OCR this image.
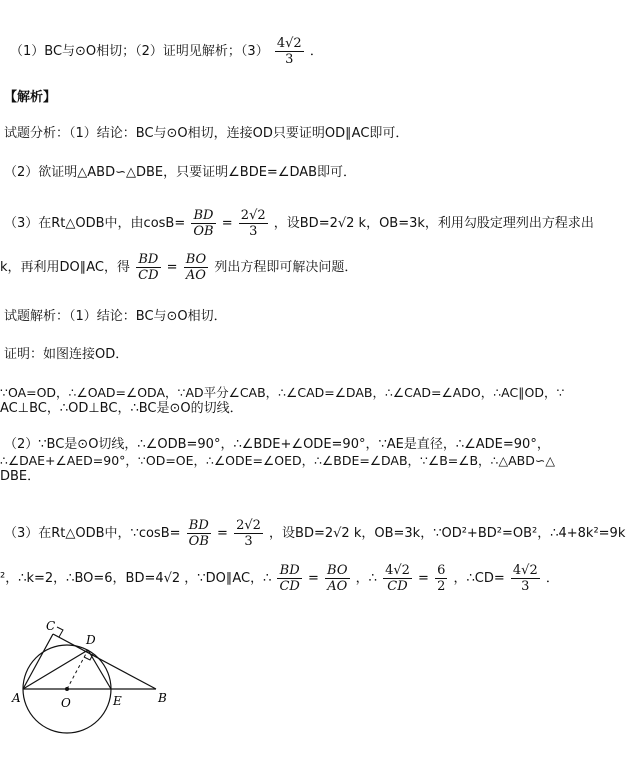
（1）BC与⊙O相切；（2）证明见解析；$(3) \frac{4√2}{3}$ ．
【解析】
试题分析：（1）结论：BC与⊙O相切，连接OD只要证明OD∥AC即可．
（2）欲证明△ABD∽△DBE，只要证明∠BDE=∠DAB即可．
（3）在Rt△ODB中，由$\cos B= \frac{BD}{OB} = \frac{2√2}{3}$ ，设BD=2√2 k，OB=3k，利用勾股定理列出方程求出
k，再利用DO∥AC，得 $\frac{BD}{CD} = \frac{BO}{AO}$ 列出方程即可解决问题．
试题解析：（1）结论：BC与⊙O相切．
证明：如图连接OD．
∵OA=OD，∴∠OAD=∠ODA，∵AD平分∠CAB，∴∠CAD=∠DAB，∴∠CAD=∠ADO，∴AC∥OD，∵
AC⊥BC，∴OD⊥BC，∴BC是⊙O的切线．
（2）∵BC是⊙O切线，∴∠ODB=90°，∴∠BDE+∠ODE=90°，∵AE是直径，∴∠ADE=90°，
∴∠DAE+∠AED=90°，∵OD=OE，∴∠ODE=∠OED，∴∠BDE=∠DAB，∵∠B=∠B，∴△ABD∽△
DBE．
（3）在Rt△ODB中，∵cosB= $\frac{BD}{OB} = \frac{2√2}{3}$ ，设BD=2√2 k，OB=3k，∵OD²+BD²=OB²，∴4+8k²=9k
²，∴k=2，∴BO=6，BD=4√2 ，∵DO∥AC，∴ $\frac{BD}{CD} = \frac{BO}{AO}$ ，∴ $\frac{4√2}{CD} = \frac{6}{2}$ ，∴CD= $\frac{4√2}{3}$ ．
C
D
A	O	E	B
